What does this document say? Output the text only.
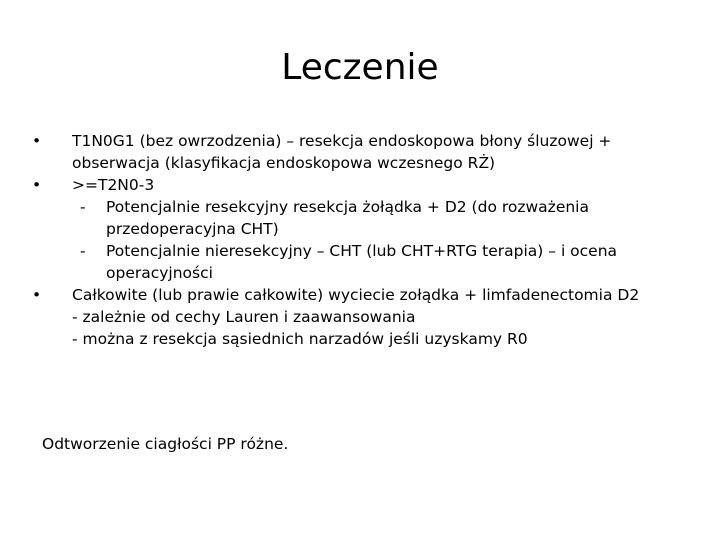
Leczenie
•	T1N0G1 (bez owrzodzenia) – resekcja endoskopowa błony śluzowej +
obserwacja (klasyfikacja endoskopowa wczesnego RŻ)
•	>=T2N0-3
- Potencjalnie resekcyjny resekcja żołądka + D2 (do rozważenia
przedoperacyjna CHT)
- Potencjalnie nieresekcyjny – CHT (lub CHT+RTG terapia) – i ocena
operacyjności
•	Całkowite (lub prawie całkowite) wyciecie zołądka + limfadenectomia D2
- zależnie od cechy Lauren i zaawansowania
- można z resekcja sąsiednich narzadów jeśli uzyskamy R0
Odtworzenie ciagłości PP różne.
